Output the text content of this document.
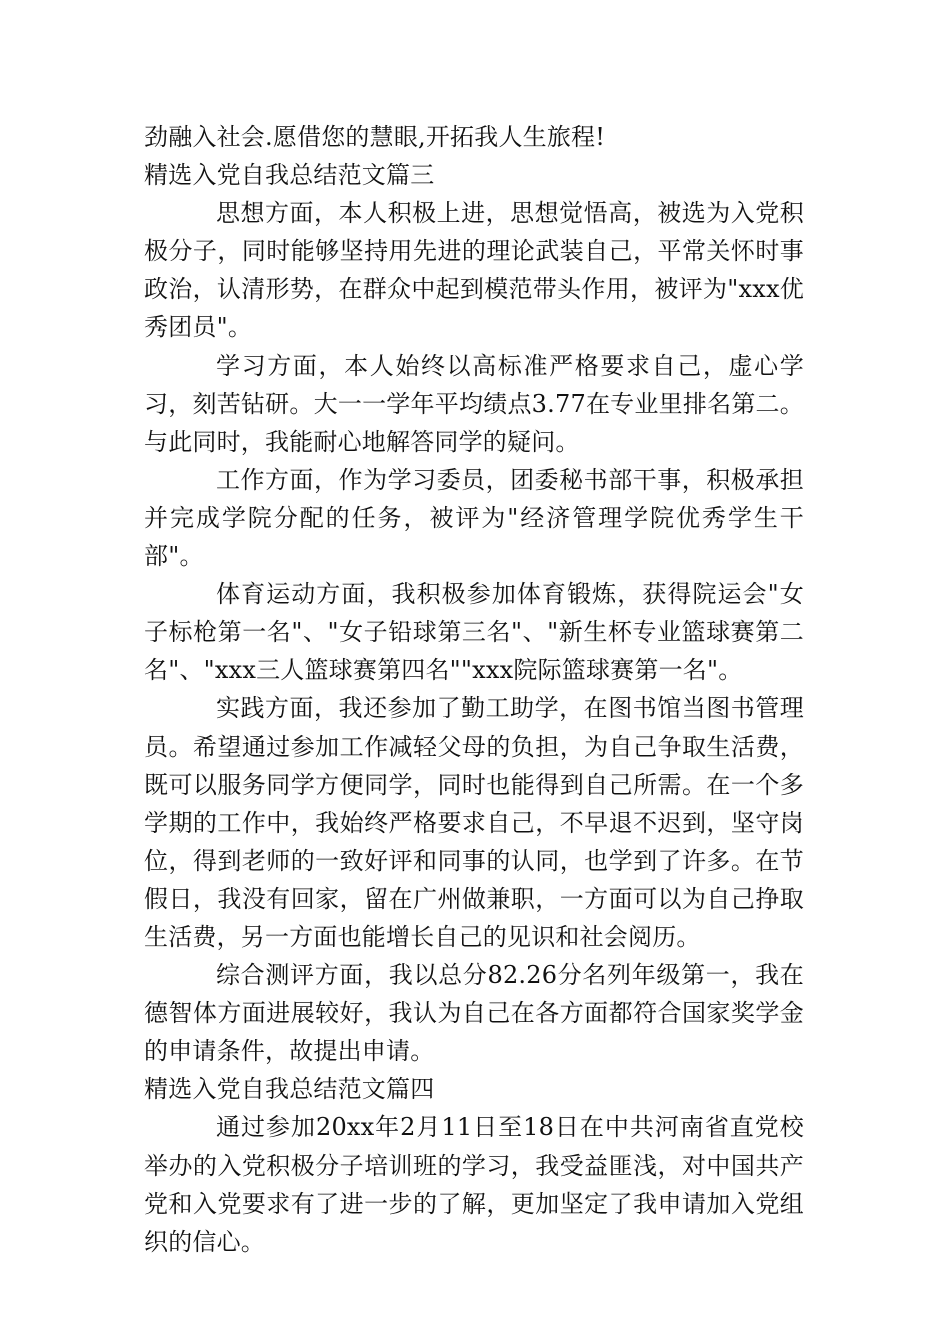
劲融入社会.愿借您的慧眼,开拓我人生旅程!

精选入党自我总结范文篇三

思想方面，本人积极上进，思想觉悟高，被选为入党积极分子，同时能够坚持用先进的理论武装自己，平常关怀时事政治，认清形势，在群众中起到模范带头作用，被评为"xxx优秀团员"。

学习方面，本人始终以高标准严格要求自己，虚心学习，刻苦钻研。大一一学年平均绩点3.77在专业里排名第二。与此同时，我能耐心地解答同学的疑问。

工作方面，作为学习委员，团委秘书部干事，积极承担并完成学院分配的任务，被评为"经济管理学院优秀学生干部"。

体育运动方面，我积极参加体育锻炼，获得院运会"女子标枪第一名"、"女子铅球第三名"、"新生杯专业篮球赛第二名"、"xxx三人篮球赛第四名""xxx院际篮球赛第一名"。

实践方面，我还参加了勤工助学，在图书馆当图书管理员。希望通过参加工作减轻父母的负担，为自己争取生活费，既可以服务同学方便同学，同时也能得到自己所需。在一个多学期的工作中，我始终严格要求自己，不早退不迟到，坚守岗位，得到老师的一致好评和同事的认同，也学到了许多。在节假日，我没有回家，留在广州做兼职，一方面可以为自己挣取生活费，另一方面也能增长自己的见识和社会阅历。

综合测评方面，我以总分82.26分名列年级第一，我在德智体方面进展较好，我认为自己在各方面都符合国家奖学金的申请条件，故提出申请。

精选入党自我总结范文篇四

通过参加20xx年2月11日至18日在中共河南省直党校举办的入党积极分子培训班的学习，我受益匪浅，对中国共产党和入党要求有了进一步的了解，更加坚定了我申请加入党组织的信心。
